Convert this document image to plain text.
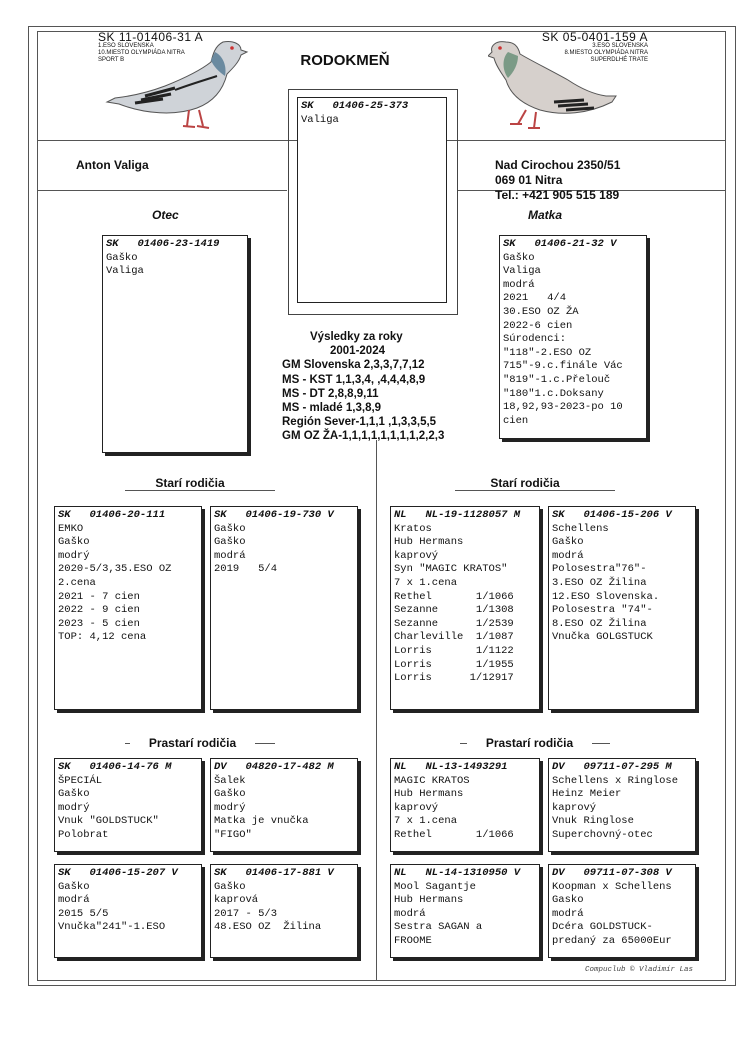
RODOKMEŇ
SK 11-01406-31 A
1.ESO SLOVENSKA
10.MIESTO OLYMPIÁDA NITRA
SPORT B
SK 05-0401-159 A
3.ESO SLOVENSKA
8.MIESTO OLYMPIÁDA NITRA
SUPERDLHÉ TRATE
Anton Valiga	Nad Cirochou 2350/51
069 01 Nitra
Tel.: +421 905 515 189
SK   01406-25-373
Valiga
Otec	Matka
SK   01406-23-1419
Gaško
Valiga
SK   01406-21-32 V
Gaško
Valiga
modrá
2021   4/4
30.ESO OZ ŽA
2022-6 cien
Súrodenci:
"118"-2.ESO OZ
715"-9.c.finále Vác
"819"-1.c.Přelouč
"180"1.c.Doksany
18,92,93-2023-po 10
cien
Výsledky za roky
2001-2024
GM Slovenska 2,3,3,7,7,12
MS - KST 1,1,3,4, ,4,4,4,8,9
MS - DT 2,8,8,9,11
MS - mladé 1,3,8,9
Región Sever-1,1,1 ,1,3,3,5,5
GM OZ ŽA-1,1,1,1,1,1,1,1,2,2,3
Starí rodičia	Starí rodičia
SK   01406-20-111
EMKO
Gaško
modrý
2020-5/3,35.ESO OZ
2.cena
2021 - 7 cien
2022 - 9 cien
2023 - 5 cien
TOP: 4,12 cena
SK   01406-19-730 V
Gaško
Gaško
modrá
2019   5/4
NL   NL-19-1128057 M
Kratos
Hub Hermans
kaprový
Syn "MAGIC KRATOS"
7 x 1.cena
Rethel       1/1066
Sezanne      1/1308
Sezanne      1/2539
Charleville  1/1087
Lorris       1/1122
Lorris       1/1955
Lorris      1/12917
SK   01406-15-206 V
Schellens
Gaško
modrá
Polosestra"76"-
3.ESO OZ Žilina
12.ESO Slovenska.
Polosestra "74"-
8.ESO OZ Žilina
Vnučka GOLGSTUCK
Prastarí rodičia	Prastarí rodičia
SK   01406-14-76 M
ŠPECIÁL
Gaško
modrý
Vnuk "GOLDSTUCK"
Polobrat
DV   04820-17-482 M
Šalek
Gaško
modrý
Matka je vnučka
"FIGO"
NL   NL-13-1493291
MAGIC KRATOS
Hub Hermans
kaprový
7 x 1.cena
Rethel       1/1066
DV   09711-07-295 M
Schellens x Ringlose
Heinz Meier
kaprový
Vnuk Ringlose
Superchovný-otec
SK   01406-15-207 V
Gaško
modrá
2015 5/5
Vnučka"241"-1.ESO
SK   01406-17-881 V
Gaško
kaprová
2017 - 5/3
48.ESO OZ  Žilina
NL   NL-14-1310950 V
Mool Sagantje
Hub Hermans
modrá
Sestra SAGAN a
FROOME
DV   09711-07-308 V
Koopman x Schellens
Gasko
modrá
Dcéra GOLDSTUCK-
predaný za 65000Eur
Compuclub © Vladimír Las
